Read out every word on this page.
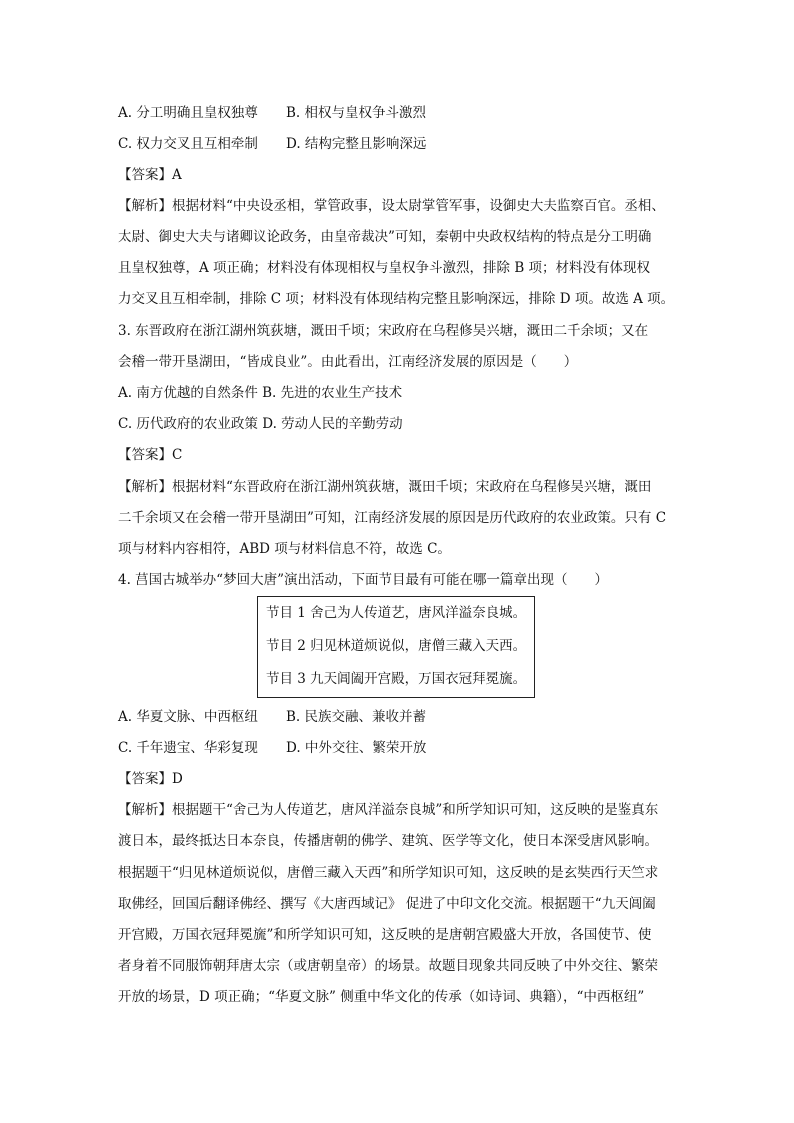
A. 分工明确且皇权独尊 B. 相权与皇权争斗激烈
C. 权力交叉且互相牵制 D. 结构完整且影响深远
【答案】A
【解析】根据材料“中央设丞相，掌管政事，设太尉掌管军事，设御史大夫监察百官。丞相、
太尉、御史大夫与诸卿议论政务，由皇帝裁决”可知，秦朝中央政权结构的特点是分工明确
且皇权独尊，A 项正确；材料没有体现相权与皇权争斗激烈，排除 B 项；材料没有体现权
力交叉且互相牵制，排除 C 项；材料没有体现结构完整且影响深远，排除 D 项。故选 A 项。
3. 东晋政府在浙江湖州筑荻塘，溉田千顷；宋政府在乌程修吴兴塘，溉田二千余顷；又在
会稽一带开垦湖田，“皆成良业”。由此看出，江南经济发展的原因是（　　）
A. 南方优越的自然条件 B. 先进的农业生产技术
C. 历代政府的农业政策 D. 劳动人民的辛勤劳动
【答案】C
【解析】根据材料“东晋政府在浙江湖州筑荻塘，溉田千顷；宋政府在乌程修吴兴塘，溉田
二千余顷又在会稽一带开垦湖田”可知，江南经济发展的原因是历代政府的农业政策。只有 C
项与材料内容相符，ABD 项与材料信息不符，故选 C。
4. 莒国古城举办“梦回大唐”演出活动，下面节目最有可能在哪一篇章出现（　　）
节目 1 舍己为人传道艺，唐风洋溢奈良城。
节目 2 归见林道烦说似，唐僧三藏入天西。
节目 3 九天阊阖开宫殿，万国衣冠拜冕旒。
A. 华夏文脉、中西枢纽 B. 民族交融、兼收并蓄
C. 千年遗宝、华彩复现 D. 中外交往、繁荣开放
【答案】D
【解析】根据题干“舍己为人传道艺，唐风洋溢奈良城”和所学知识可知，这反映的是鉴真东
渡日本，最终抵达日本奈良，传播唐朝的佛学、建筑、医学等文化，使日本深受唐风影响。
根据题干“归见林道烦说似，唐僧三藏入天西”和所学知识可知，这反映的是玄奘西行天竺求
取佛经，回国后翻译佛经、撰写《大唐西域记》 促进了中印文化交流。根据题干“九天阊阖
开宫殿，万国衣冠拜冕旒”和所学知识可知，这反映的是唐朝宫殿盛大开放，各国使节、使
者身着不同服饰朝拜唐太宗（或唐朝皇帝）的场景。故题目现象共同反映了中外交往、繁荣
开放的场景，D 项正确；“华夏文脉” 侧重中华文化的传承（如诗词、典籍），“中西枢纽”
